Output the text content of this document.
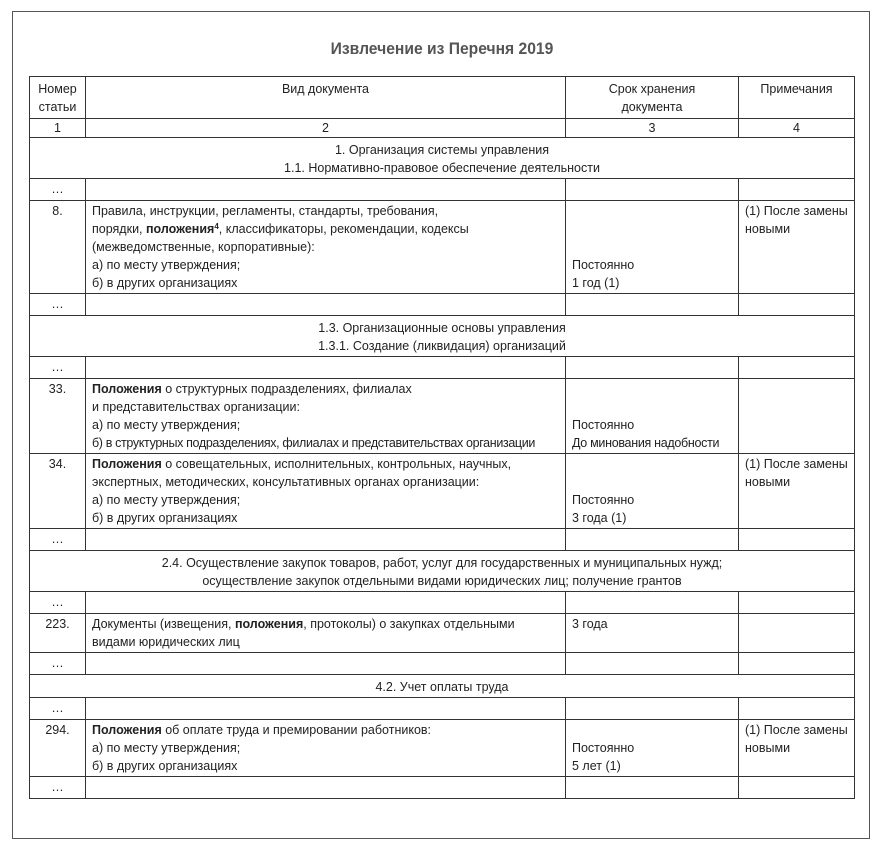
Извлечение из Перечня 2019
Номер
статьи	Вид документа	Срок хранения
документа	Примечания
1	2	3	4

1. Организация системы управления
1.1. Нормативно-правовое обеспечение деятельности			

…			
8.	Правила, инструкции, регламенты, стандарты, требования,
порядки, положения$^4$, классификаторы, рекомендации, кодексы
(межведомственные, корпоративные):
а) по месту утверждения;
б) в других организациях	Постоянно
1 год (1)	(1) После замены
новыми

…			

1.3. Организационные основы управления
1.3.1. Создание (ликвидация) организаций			

…			
33.	Положения о структурных подразделениях, филиалах
и представительствах организации:
а) по месту утверждения;
б) в структурных подразделениях, филиалах и представительствах организации	Постоянно
До минования надобности	

34.	Положения о совещательных, исполнительных, контрольных, научных,
экспертных, методических, консультативных органах организации:
а) по месту утверждения;
б) в других организациях	Постоянно
3 года (1)	(1) После замены
новыми

…			

2.4. Осуществление закупок товаров, работ, услуг для государственных и муниципальных нужд;
осуществление закупок отдельными видами юридических лиц; получение грантов			

…			
223.	Документы (извещения, положения, протоколы) о закупках отдельными
видами юридических лиц	3 года	

…			

4.2. Учет оплаты труда			

…			
294.	Положения об оплате труда и премировании работников:
а) по месту утверждения;
б) в других организациях	Постоянно
5 лет (1)	(1) После замены
новыми

…			
